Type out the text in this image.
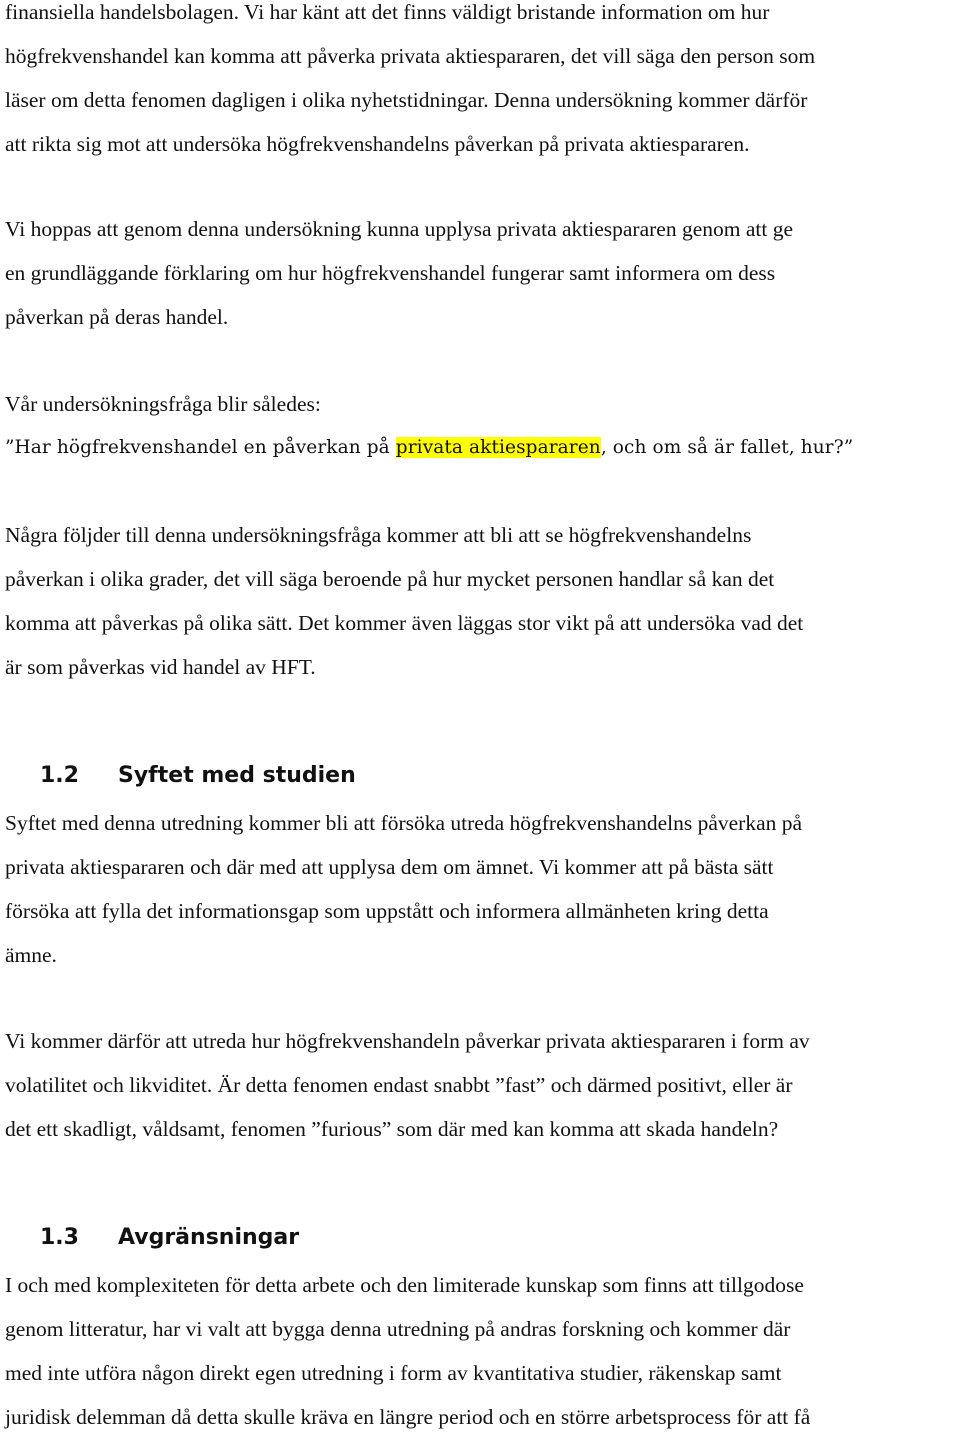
finansiella handelsbolagen. Vi har känt att det finns väldigt bristande information om hur
högfrekvenshandel kan komma att påverka privata aktiespararen, det vill säga den person som
läser om detta fenomen dagligen i olika nyhetstidningar. Denna undersökning kommer därför
att rikta sig mot att undersöka högfrekvenshandelns påverkan på privata aktiespararen.

Vi hoppas att genom denna undersökning kunna upplysa privata aktiespararen genom att ge
en grundläggande förklaring om hur högfrekvenshandel fungerar samt informera om dess
påverkan på deras handel.

Vår undersökningsfråga blir således:

”Har högfrekvenshandel en påverkan på privata aktiespararen, och om så är fallet, hur?”

Några följder till denna undersökningsfråga kommer att bli att se högfrekvenshandelns
påverkan i olika grader, det vill säga beroende på hur mycket personen handlar så kan det
komma att påverkas på olika sätt. Det kommer även läggas stor vikt på att undersöka vad det
är som påverkas vid handel av HFT.

1.2 Syftet med studien

Syftet med denna utredning kommer bli att försöka utreda högfrekvenshandelns påverkan på
privata aktiespararen och där med att upplysa dem om ämnet. Vi kommer att på bästa sätt
försöka att fylla det informationsgap som uppstått och informera allmänheten kring detta
ämne.

Vi kommer därför att utreda hur högfrekvenshandeln påverkar privata aktiespararen i form av
volatilitet och likviditet. Är detta fenomen endast snabbt ”fast” och därmed positivt, eller är
det ett skadligt, våldsamt, fenomen ”furious” som där med kan komma att skada handeln?

1.3 Avgränsningar

I och med komplexiteten för detta arbete och den limiterade kunskap som finns att tillgodose
genom litteratur, har vi valt att bygga denna utredning på andras forskning och kommer där
med inte utföra någon direkt egen utredning i form av kvantitativa studier, räkenskap samt
juridisk delemman då detta skulle kräva en längre period och en större arbetsprocess för att få
